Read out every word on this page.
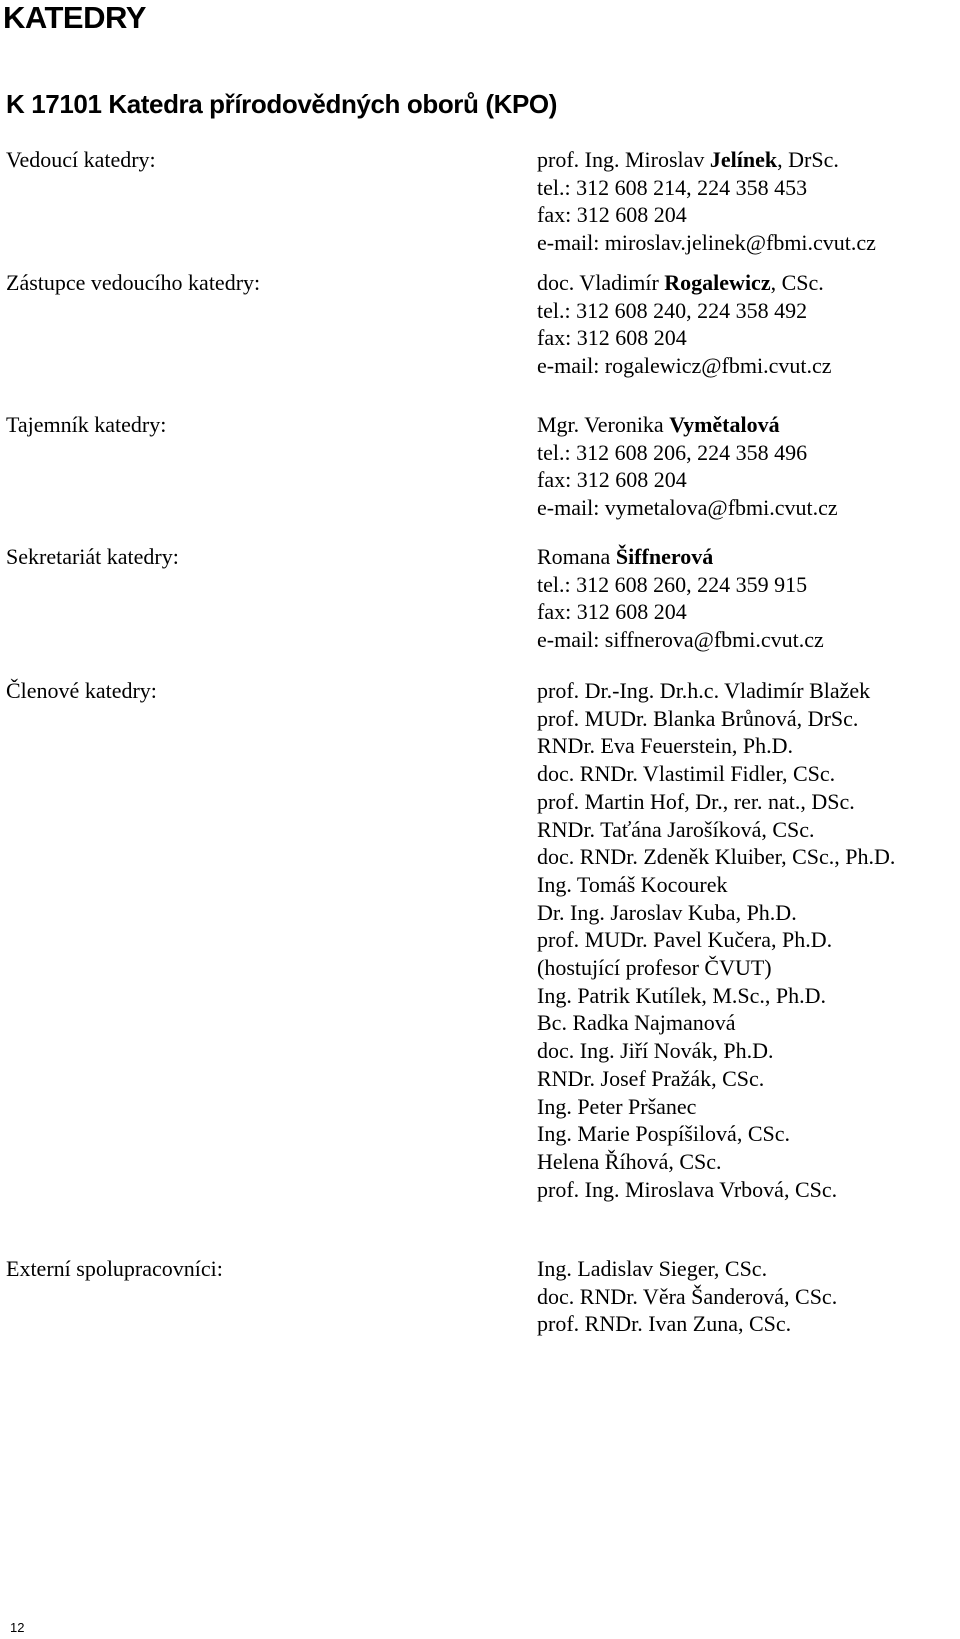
KATEDRY
K 17101 Katedra přírodovědných oborů (KPO)
Vedoucí katedry:	prof. Ing. Miroslav Jelínek, DrSc.
tel.: 312 608 214, 224 358 453
fax: 312 608 204
e-mail: miroslav.jelinek@fbmi.cvut.cz
Zástupce vedoucího katedry:	doc. Vladimír Rogalewicz, CSc.
tel.: 312 608 240, 224 358 492
fax: 312 608 204
e-mail: rogalewicz@fbmi.cvut.cz
Tajemník katedry:	Mgr. Veronika Vymětalová
tel.: 312 608 206, 224 358 496
fax: 312 608 204
e-mail: vymetalova@fbmi.cvut.cz
Sekretariát katedry:	Romana Šiffnerová
tel.: 312 608 260, 224 359 915
fax: 312 608 204
e-mail: siffnerova@fbmi.cvut.cz
Členové katedry:	prof. Dr.-Ing. Dr.h.c. Vladimír Blažek
prof. MUDr. Blanka Brůnová, DrSc.
RNDr. Eva Feuerstein, Ph.D.
doc. RNDr. Vlastimil Fidler, CSc.
prof. Martin Hof, Dr., rer. nat., DSc.
RNDr. Taťána Jarošíková, CSc.
doc. RNDr. Zdeněk Kluiber, CSc., Ph.D.
Ing. Tomáš Kocourek
Dr. Ing. Jaroslav Kuba, Ph.D.
prof. MUDr. Pavel Kučera, Ph.D.
(hostující profesor ČVUT)
Ing. Patrik Kutílek, M.Sc., Ph.D.
Bc. Radka Najmanová
doc. Ing. Jiří Novák, Ph.D.
RNDr. Josef Pražák, CSc.
Ing. Peter Pršanec
Ing. Marie Pospíšilová, CSc.
Helena Říhová, CSc.
prof. Ing. Miroslava Vrbová, CSc.
Externí spolupracovníci:	Ing. Ladislav Sieger, CSc.
doc. RNDr. Věra Šanderová, CSc.
prof. RNDr. Ivan Zuna, CSc.
12
